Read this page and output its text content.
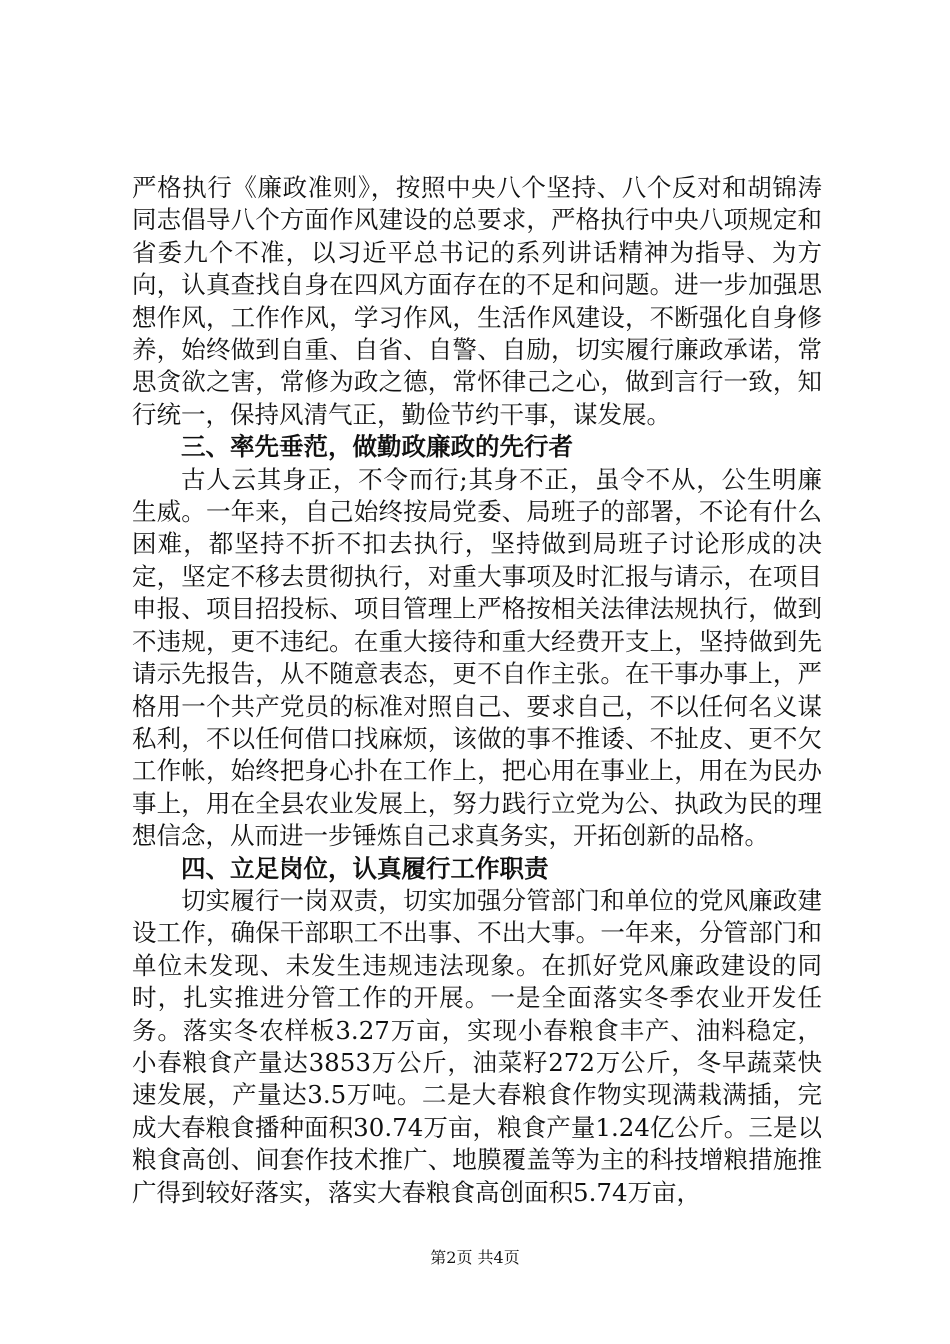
严格执行《廉政准则》，按照中央八个坚持、八个反对和胡锦涛同志倡导八个方面作风建设的总要求，严格执行中央八项规定和省委九个不准，以习近平总书记的系列讲话精神为指导、为方向，认真查找自身在四风方面存在的不足和问题。进一步加强思想作风，工作作风，学习作风，生活作风建设，不断强化自身修养，始终做到自重、自省、自警、自励，切实履行廉政承诺，常思贪欲之害，常修为政之德，常怀律己之心，做到言行一致，知行统一，保持风清气正，勤俭节约干事，谋发展。

三、率先垂范，做勤政廉政的先行者

古人云其身正，不令而行;其身不正，虽令不从，公生明廉生威。一年来，自己始终按局党委、局班子的部署，不论有什么困难，都坚持不折不扣去执行，坚持做到局班子讨论形成的决定，坚定不移去贯彻执行，对重大事项及时汇报与请示，在项目申报、项目招投标、项目管理上严格按相关法律法规执行，做到不违规，更不违纪。在重大接待和重大经费开支上，坚持做到先请示先报告，从不随意表态，更不自作主张。在干事办事上，严格用一个共产党员的标准对照自己、要求自己，不以任何名义谋私利，不以任何借口找麻烦，该做的事不推诿、不扯皮、更不欠工作帐，始终把身心扑在工作上，把心用在事业上，用在为民办事上，用在全县农业发展上，努力践行立党为公、执政为民的理想信念，从而进一步锤炼自己求真务实，开拓创新的品格。

四、立足岗位，认真履行工作职责

切实履行一岗双责，切实加强分管部门和单位的党风廉政建设工作，确保干部职工不出事、不出大事。一年来，分管部门和单位未发现、未发生违规违法现象。在抓好党风廉政建设的同时，扎实推进分管工作的开展。一是全面落实冬季农业开发任务。落实冬农样板3.27万亩，实现小春粮食丰产、油料稳定，小春粮食产量达3853万公斤，油菜籽272万公斤，冬早蔬菜快速发展，产量达3.5万吨。二是大春粮食作物实现满栽满插，完成大春粮食播种面积30.74万亩，粮食产量1.24亿公斤。三是以粮食高创、间套作技术推广、地膜覆盖等为主的科技增粮措施推广得到较好落实，落实大春粮食高创面积5.74万亩，

第2页 共4页
